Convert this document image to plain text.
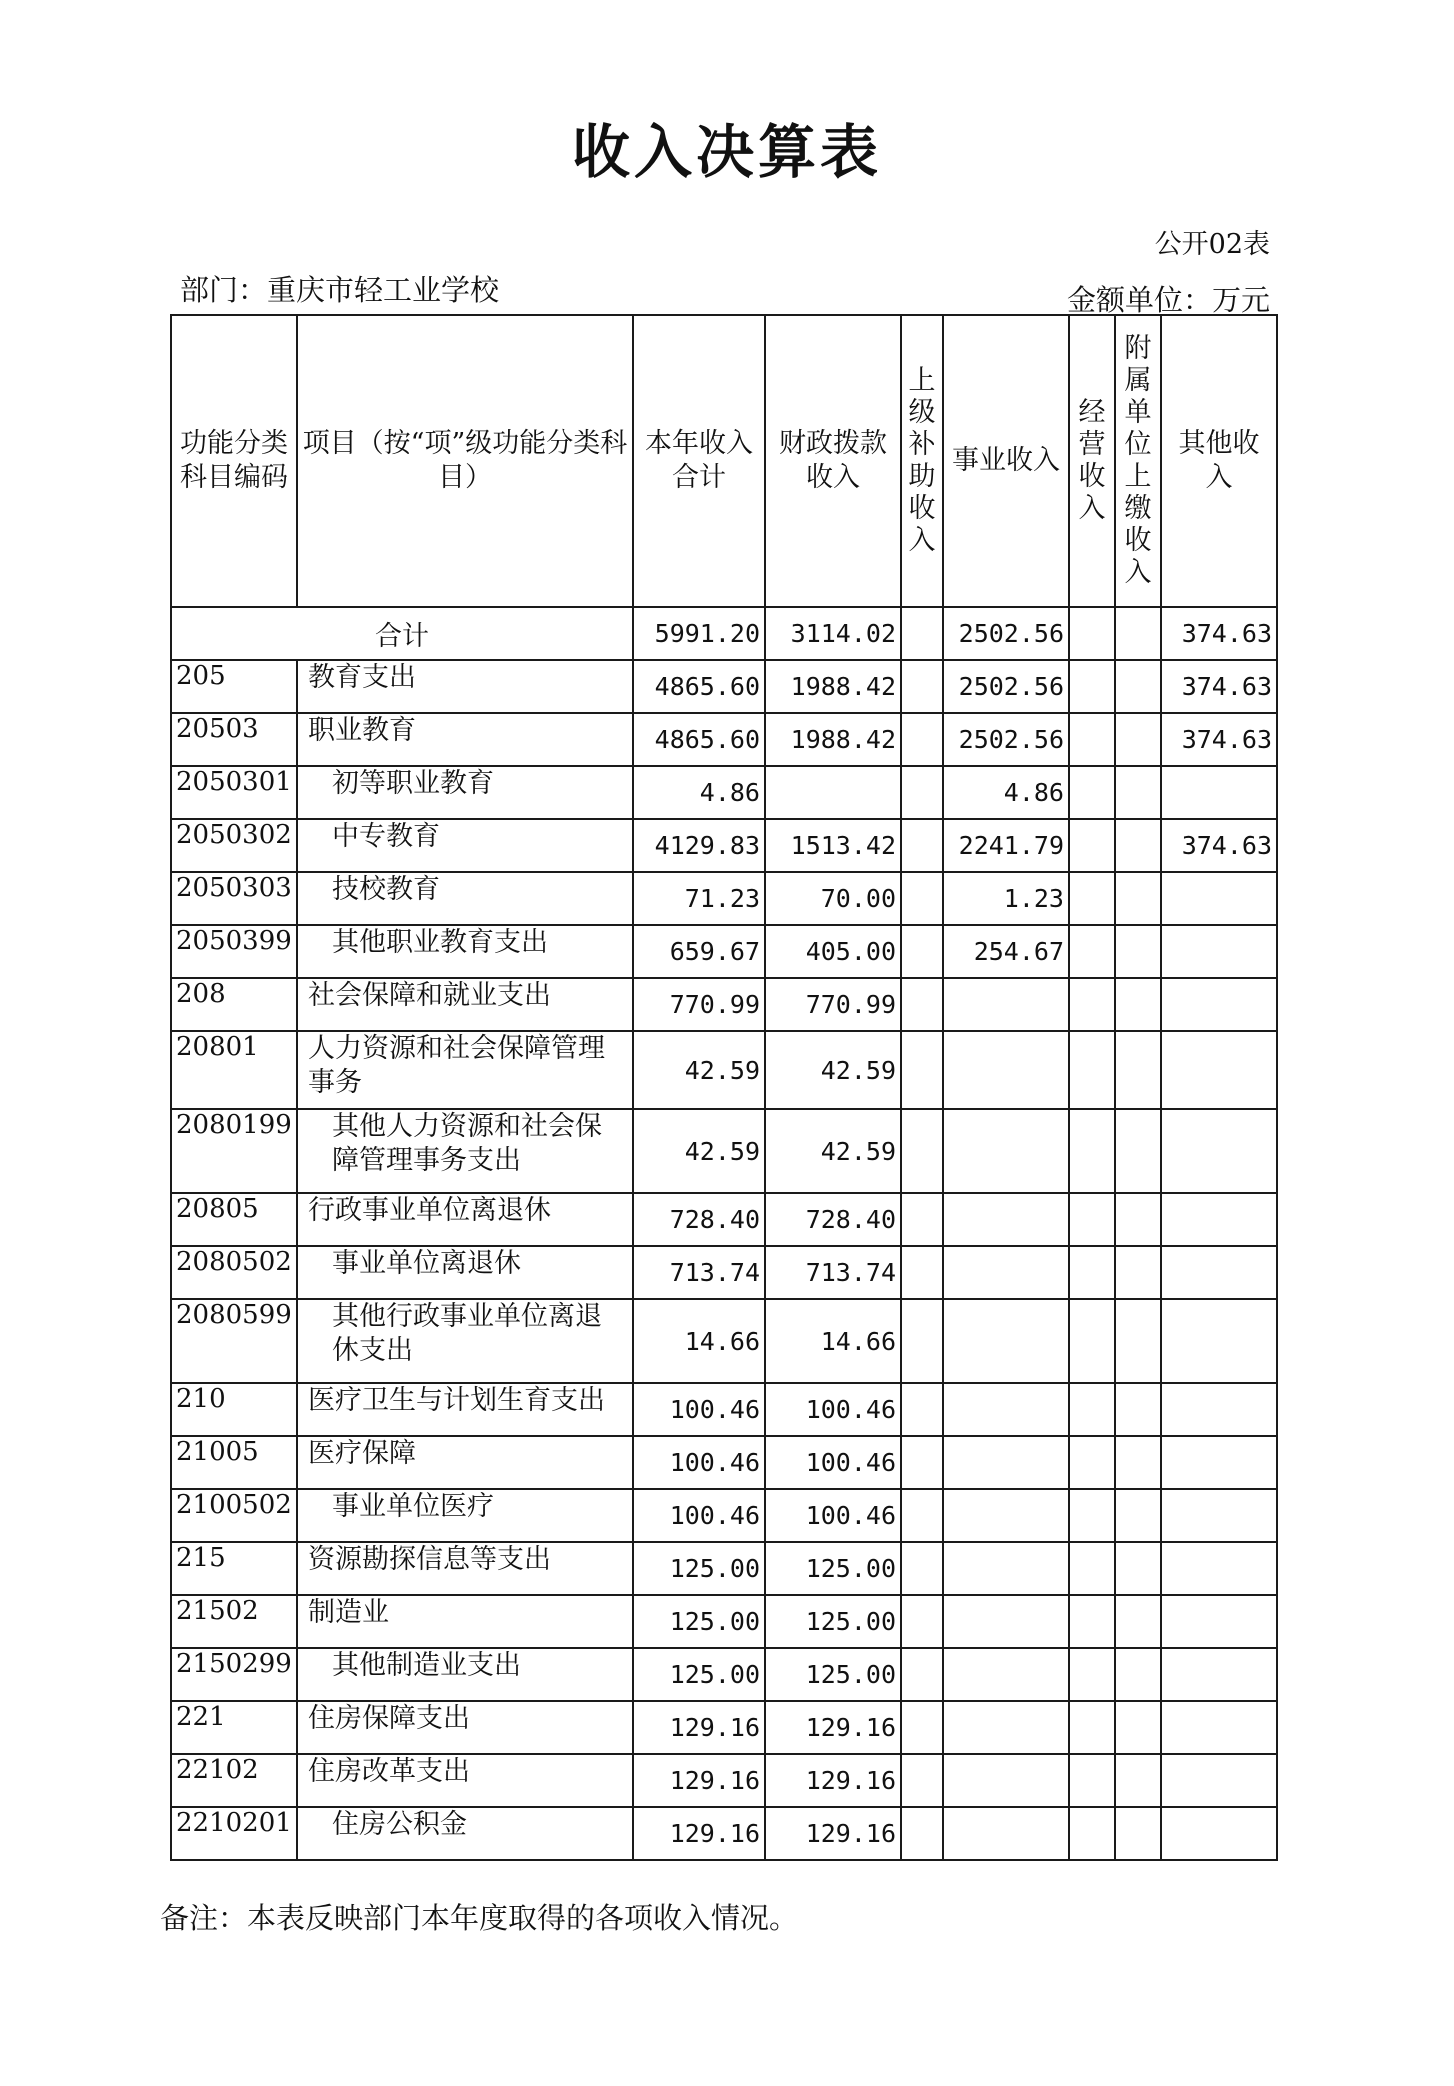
收入决算表
公开02表
部门：重庆市轻工业学校	金额单位：万元
功能分类科目编码	项目（按“项”级功能分类科目）	本年收入合计	财政拨款收入	上级补助收入	事业收入	经营收入	附属单位上缴收入	其他收入
合计		5991.20	3114.02		2502.56			374.63
205	教育支出	4865.60	1988.42		2502.56			374.63
20503	职业教育	4865.60	1988.42		2502.56			374.63
2050301	初等职业教育	4.86			4.86			
2050302	中专教育	4129.83	1513.42		2241.79			374.63
2050303	技校教育	71.23	70.00		1.23			
2050399	其他职业教育支出	659.67	405.00		254.67			
208	社会保障和就业支出	770.99	770.99					
20801	人力资源和社会保障管理事务	42.59	42.59					
2080199	其他人力资源和社会保障管理事务支出	42.59	42.59					
20805	行政事业单位离退休	728.40	728.40					
2080502	事业单位离退休	713.74	713.74					
2080599	其他行政事业单位离退休支出	14.66	14.66					
210	医疗卫生与计划生育支出	100.46	100.46					
21005	医疗保障	100.46	100.46					
2100502	事业单位医疗	100.46	100.46					
215	资源勘探信息等支出	125.00	125.00					
21502	制造业	125.00	125.00					
2150299	其他制造业支出	125.00	125.00					
221	住房保障支出	129.16	129.16					
22102	住房改革支出	129.16	129.16					
2210201	住房公积金	129.16	129.16					
备注：本表反映部门本年度取得的各项收入情况。
